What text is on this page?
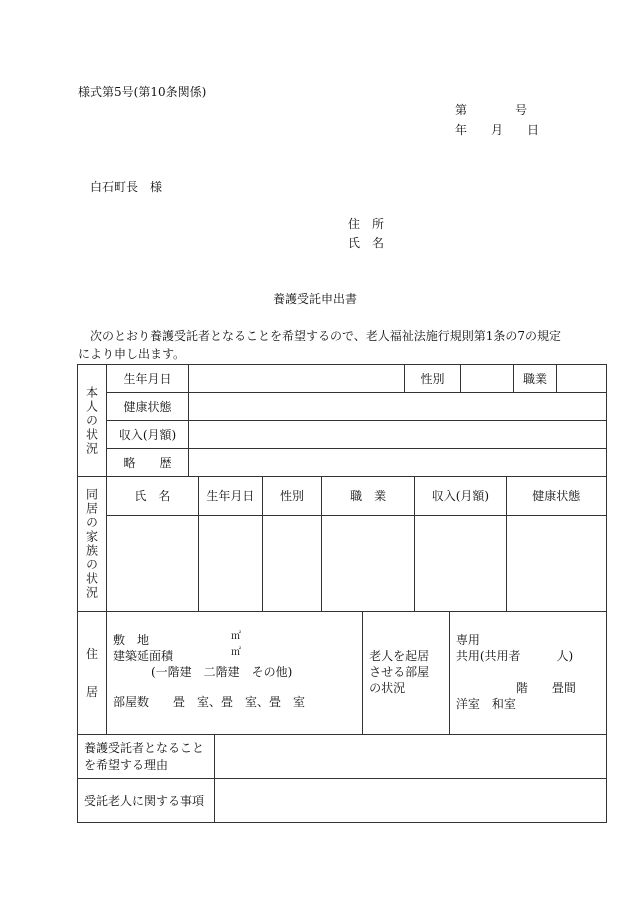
様式第5号(第10条関係)
第　　　　号
年　　月　　日
白石町長　様
住　所
氏　名
養護受託申出書
次のとおり養護受託者となることを希望するので、老人福祉法施行規則第1条の7の規定
により申し出ます。
本人の状況
	生年月日		性別		職業	
健康状態	
収入(月額)	
略　　歴	

同居の家族の状況
		氏　名	生年月日	性別	職　業	収入(月額)	健康状態

住
居

敷　地	㎡
建築延面積	㎡
(一階建　二階建　その他)
部屋数　　畳　室、畳　室、畳　室

老人を起居させる部屋の状況

専用
共用(共用者　　　人)
階　　畳間
洋室　和室

養護受託者となることを希望する理由	
受託老人に関する事項	
